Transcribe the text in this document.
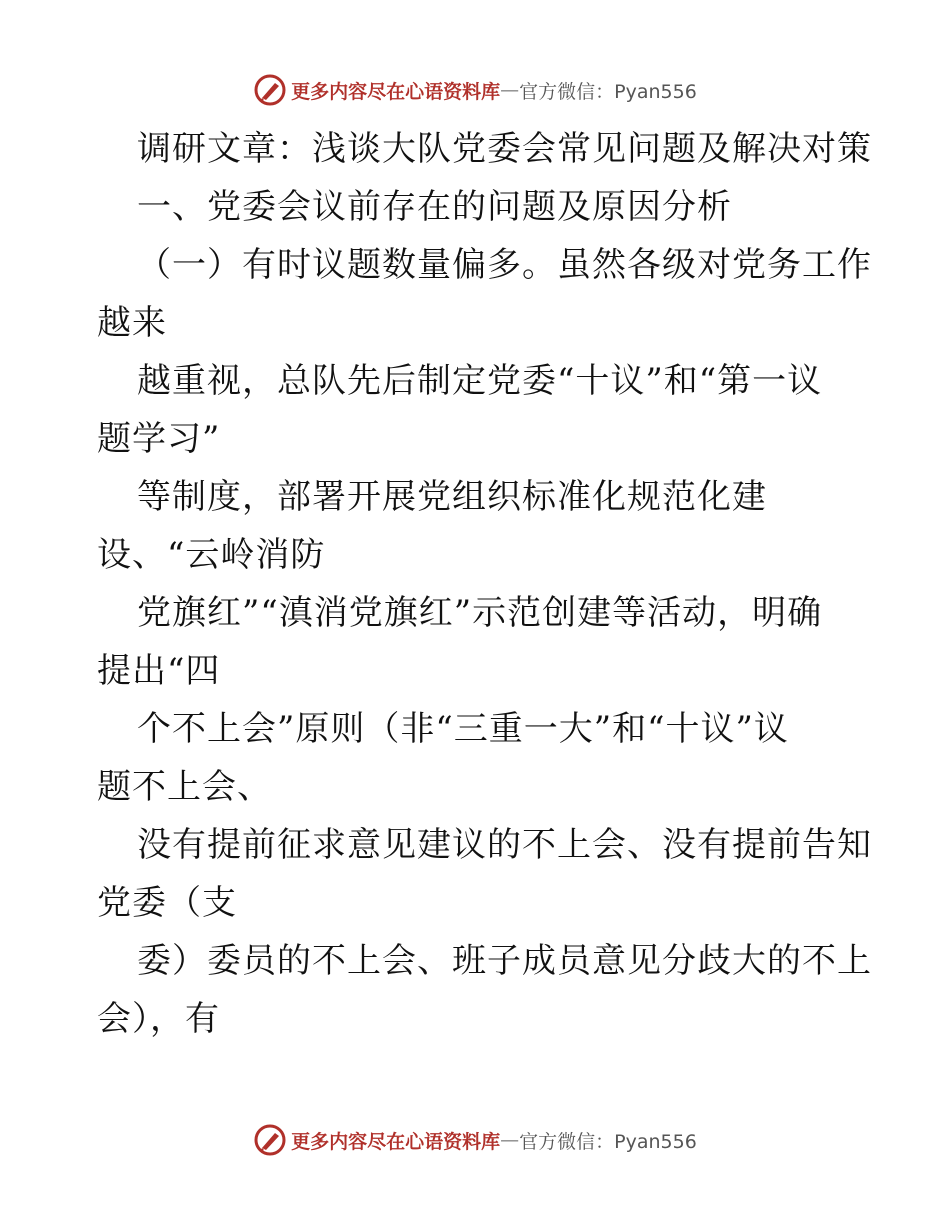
更多内容尽在心语资料库 — 官方微信：Pyan556
调研文章：浅谈大队党委会常见问题及解决对策
一、党委会议前存在的问题及原因分析
（一）有时议题数量偏多。虽然各级对党务工作
越来
越重视，总队先后制定党委“十议”和“第一议
题学习”
等制度，部署开展党组织标准化规范化建
设、“云岭消防
党旗红”“滇消党旗红”示范创建等活动，明确
提出“四
个不上会”原则（非“三重一大”和“十议”议
题不上会、
没有提前征求意见建议的不上会、没有提前告知
党委（支
委）委员的不上会、班子成员意见分歧大的不上
会），有
更多内容尽在心语资料库 — 官方微信：Pyan556
